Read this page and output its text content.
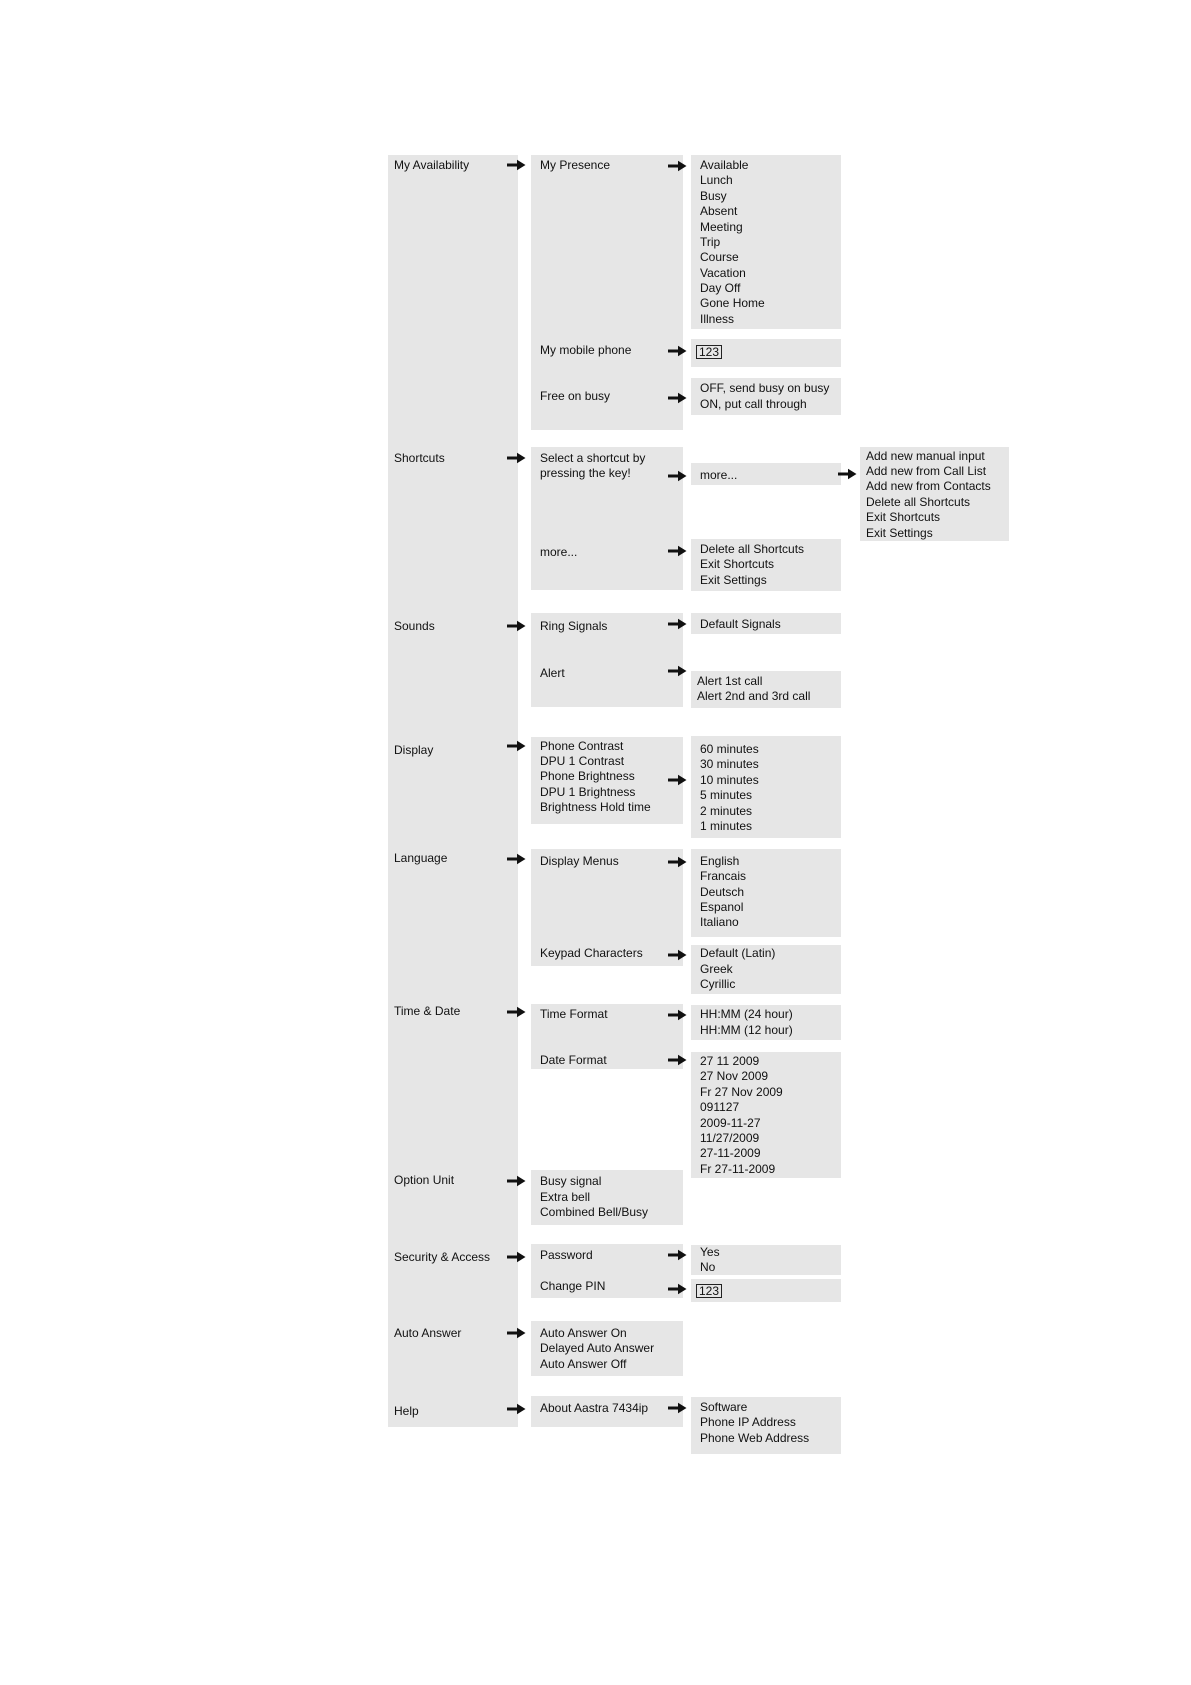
My Availability
Shortcuts
Sounds
Display
Language
Time & Date
Option Unit
Security & Access
Auto Answer
Help
My Presence
My mobile phone
Free on busy
Select a shortcut by
pressing the key!
more...
Ring Signals
Alert
Phone Contrast
DPU 1 Contrast
Phone Brightness
DPU 1 Brightness
Brightness Hold time
Display Menus
Keypad Characters
Time Format
Date Format
Busy signal
Extra bell
Combined Bell/Busy
Password
Change PIN
Auto Answer On
Delayed Auto Answer
Auto Answer Off
About Aastra 7434ip
Available
Lunch
Busy
Absent
Meeting
Trip
Course
Vacation
Day Off
Gone Home
Illness
123
OFF, send busy on busy
ON, put call through
more...
Delete all Shortcuts
Exit Shortcuts
Exit Settings
Default Signals
Alert 1st call
Alert 2nd and 3rd call
60 minutes
30 minutes
10 minutes
5 minutes
2 minutes
1 minutes
English
Francais
Deutsch
Espanol
Italiano
Default (Latin)
Greek
Cyrillic
HH:MM (24 hour)
HH:MM (12 hour)
27 11 2009
27 Nov 2009
Fr 27 Nov 2009
091127
2009-11-27
11/27/2009
27-11-2009
Fr 27-11-2009
Yes
No
123
Software
Phone IP Address
Phone Web Address
Add new manual input
Add new from Call List
Add new from Contacts
Delete all Shortcuts
Exit Shortcuts
Exit Settings
